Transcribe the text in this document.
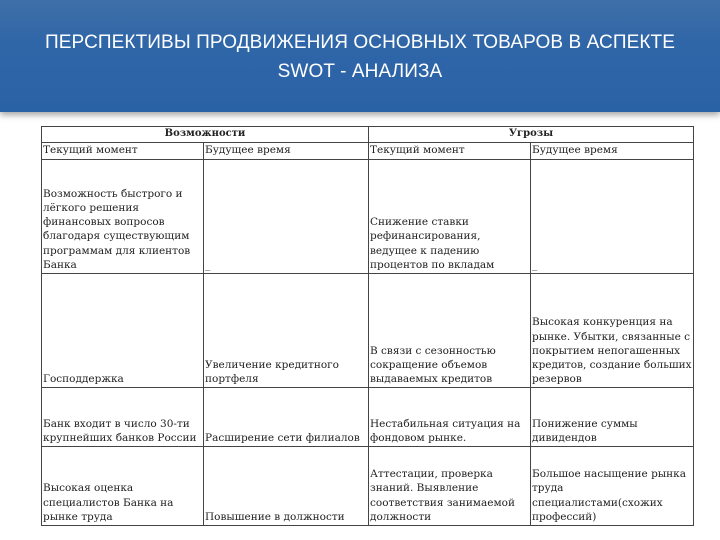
ПЕРСПЕКТИВЫ ПРОДВИЖЕНИЯ ОСНОВНЫХ ТОВАРОВ В АСПЕКТЕ
SWOT - АНАЛИЗА
Возможности		Угрозы	
Текущий момент	Будущее время	Текущий момент	Будущее время
Возможность быстрого и лёгкого решения финансовых вопросов благодаря существующим программам для клиентов Банка	_	Снижение ставки рефинансирования, ведущее к падению процентов по вкладам	_
Господдержка	Увеличение кредитного портфеля	В связи с сезонностью сокращение объемов выдаваемых кредитов	Высокая конкуренция на рынке. Убытки, связанные с покрытием непогашенных кредитов, создание больших резервов
Банк входит в число 30-ти крупнейших банков России	Расширение сети филиалов	Нестабильная ситуация на фондовом рынке.	Понижение суммы дивидендов
Высокая оценка специалистов Банка на рынке труда	Повышение в должности	Аттестации, проверка знаний. Выявление соответствия занимаемой должности	Большое насыщение рынка труда специалистами(схожих профессий)
